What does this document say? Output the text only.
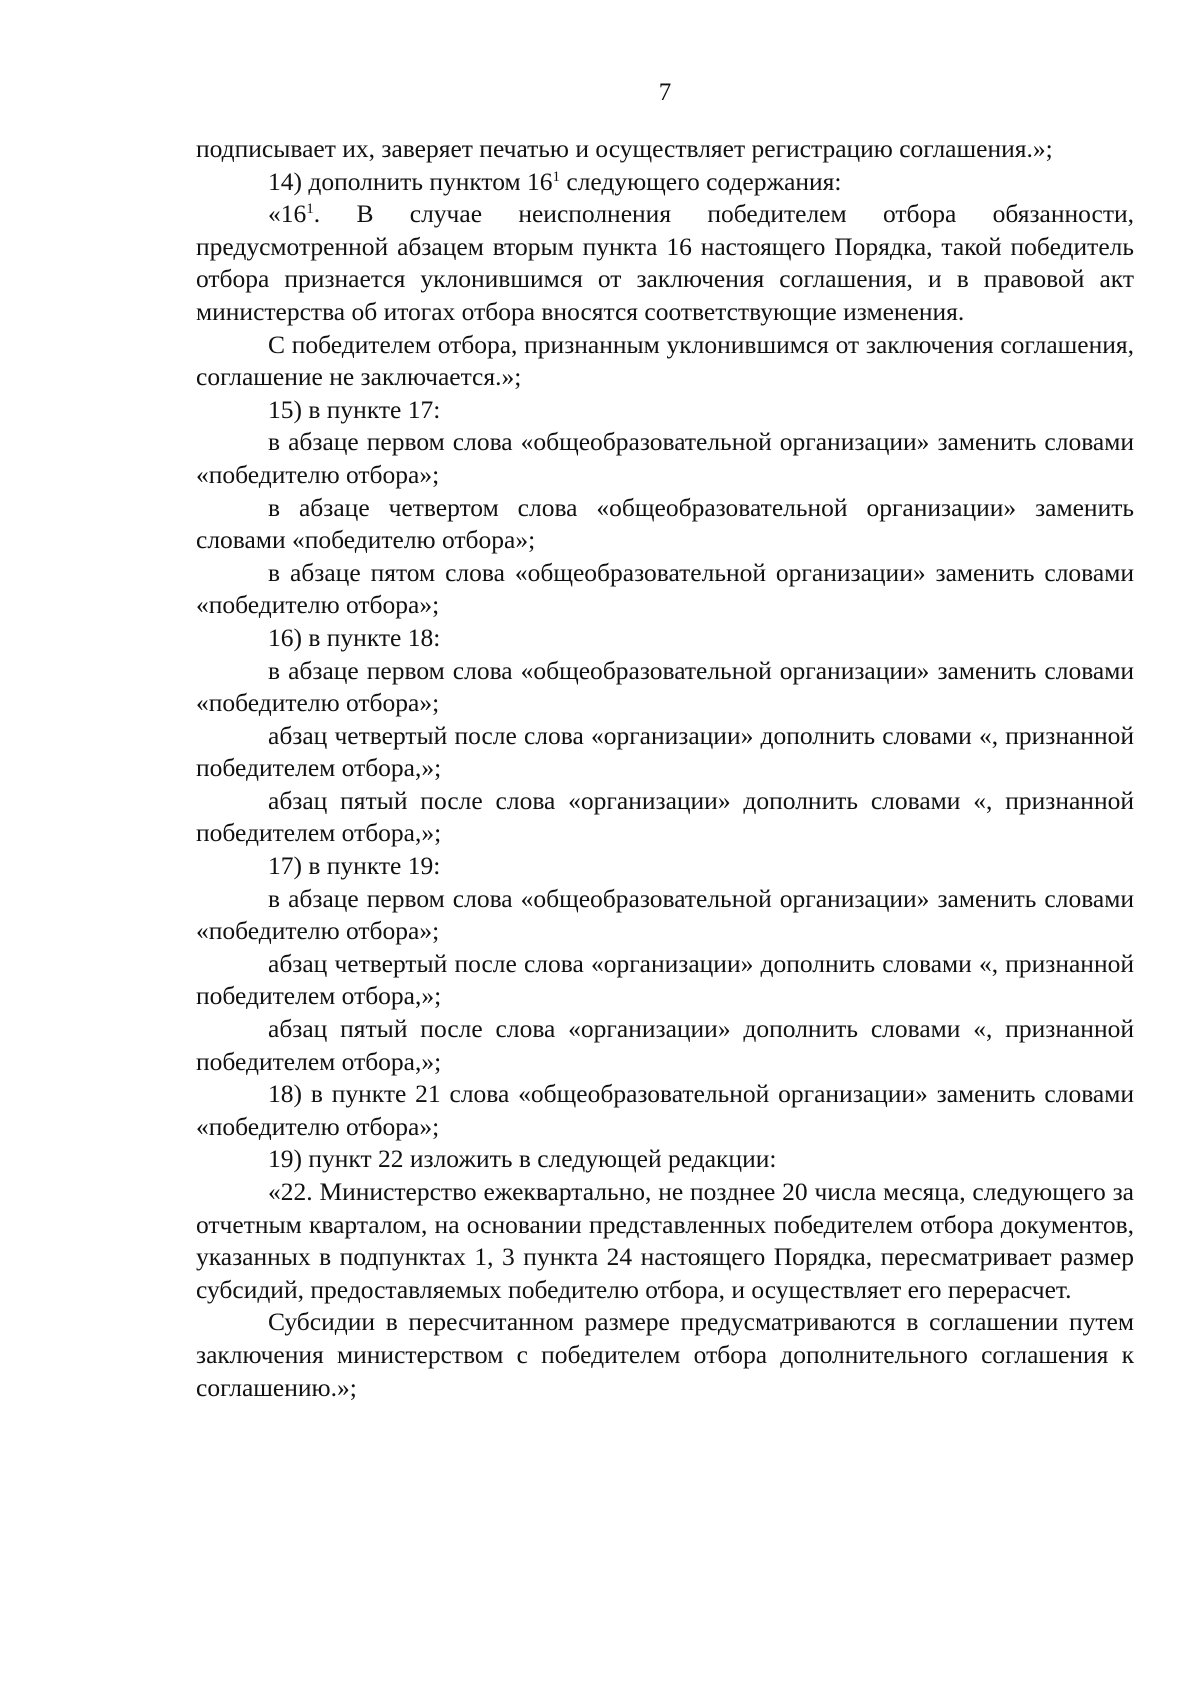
7

подписывает их, заверяет печатью и осуществляет регистрацию соглашения.»;

14) дополнить пунктом $16^1$ следующего содержания:

«$16^1$. В случае неисполнения победителем отбора обязанности, предусмотренной абзацем вторым пункта 16 настоящего Порядка, такой победитель отбора признается уклонившимся от заключения соглашения, и в правовой акт министерства об итогах отбора вносятся соответствующие изменения.

С победителем отбора, признанным уклонившимся от заключения соглашения, соглашение не заключается.»;

15) в пункте 17:

в абзаце первом слова «общеобразовательной организации» заменить словами «победителю отбора»;

в абзаце четвертом слова «общеобразовательной организации» заменить словами «победителю отбора»;

в абзаце пятом слова «общеобразовательной организации» заменить словами «победителю отбора»;

16) в пункте 18:

в абзаце первом слова «общеобразовательной организации» заменить словами «победителю отбора»;

абзац четвертый после слова «организации» дополнить словами «, признанной победителем отбора,»;

абзац пятый после слова «организации» дополнить словами «, признанной победителем отбора,»;

17) в пункте 19:

в абзаце первом слова «общеобразовательной организации» заменить словами «победителю отбора»;

абзац четвертый после слова «организации» дополнить словами «, признанной победителем отбора,»;

абзац пятый после слова «организации» дополнить словами «, признанной победителем отбора,»;

18) в пункте 21 слова «общеобразовательной организации» заменить словами «победителю отбора»;

19) пункт 22 изложить в следующей редакции:

«22. Министерство ежеквартально, не позднее 20 числа месяца, следующего за отчетным кварталом, на основании представленных победителем отбора документов, указанных в подпунктах 1, 3 пункта 24 настоящего Порядка, пересматривает размер субсидий, предоставляемых победителю отбора, и осуществляет его перерасчет.

Субсидии в пересчитанном размере предусматриваются в соглашении путем заключения министерством с победителем отбора дополнительного соглашения к соглашению.»;
